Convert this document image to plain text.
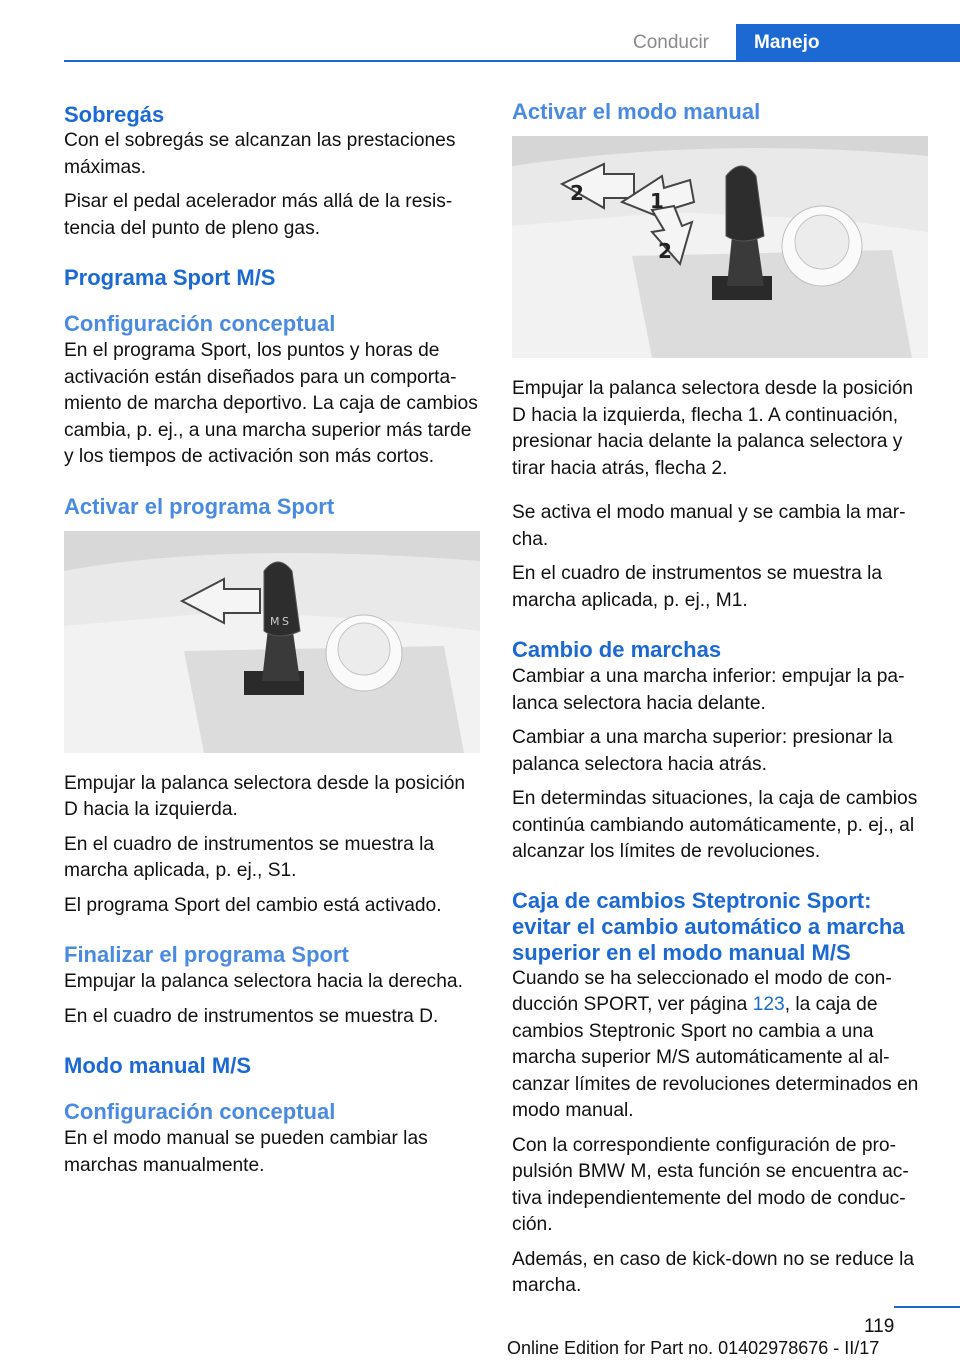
Conducir	Manejo
Sobregás

Con el sobregás se alcanzan las prestaciones máximas.

Pisar el pedal acelerador más allá de la resistencia del punto de pleno gas.

Programa Sport M/S
Configuración conceptual

En el programa Sport, los puntos y horas de activación están diseñados para un comportamiento de marcha deportivo. La caja de cambios cambia, p. ej., a una marcha superior más tarde y los tiempos de activación son más cortos.

Activar el programa Sport
M S

Empujar la palanca selectora desde la posición D hacia la izquierda.

En el cuadro de instrumentos se muestra la marcha aplicada, p. ej., S1.

El programa Sport del cambio está activado.

Finalizar el programa Sport

Empujar la palanca selectora hacia la derecha.

En el cuadro de instrumentos se muestra D.

Modo manual M/S
Configuración conceptual

En el modo manual se pueden cambiar las marchas manualmente.

Activar el modo manual
2	1
2

Empujar la palanca selectora desde la posición D hacia la izquierda, flecha 1. A continuación, presionar hacia delante la palanca selectora y tirar hacia atrás, flecha 2.

Se activa el modo manual y se cambia la marcha.

En el cuadro de instrumentos se muestra la marcha aplicada, p. ej., M1.

Cambio de marchas

Cambiar a una marcha inferior: empujar la palanca selectora hacia delante.

Cambiar a una marcha superior: presionar la palanca selectora hacia atrás.

En determindas situaciones, la caja de cambios continúa cambiando automáticamente, p. ej., al alcanzar los límites de revoluciones.

Caja de cambios Steptronic Sport: evitar el cambio automático a marcha superior en el modo manual M/S

Cuando se ha seleccionado el modo de conducción SPORT, ver página 123, la caja de cambios Steptronic Sport no cambia a una marcha superior M/S automáticamente al alcanzar límites de revoluciones determinados en modo manual.

Con la correspondiente configuración de propulsión BMW M, esta función se encuentra activa independientemente del modo de conducción.

Además, en caso de kick-down no se reduce la marcha.

119
Online Edition for Part no. 01402978676 - II/17
